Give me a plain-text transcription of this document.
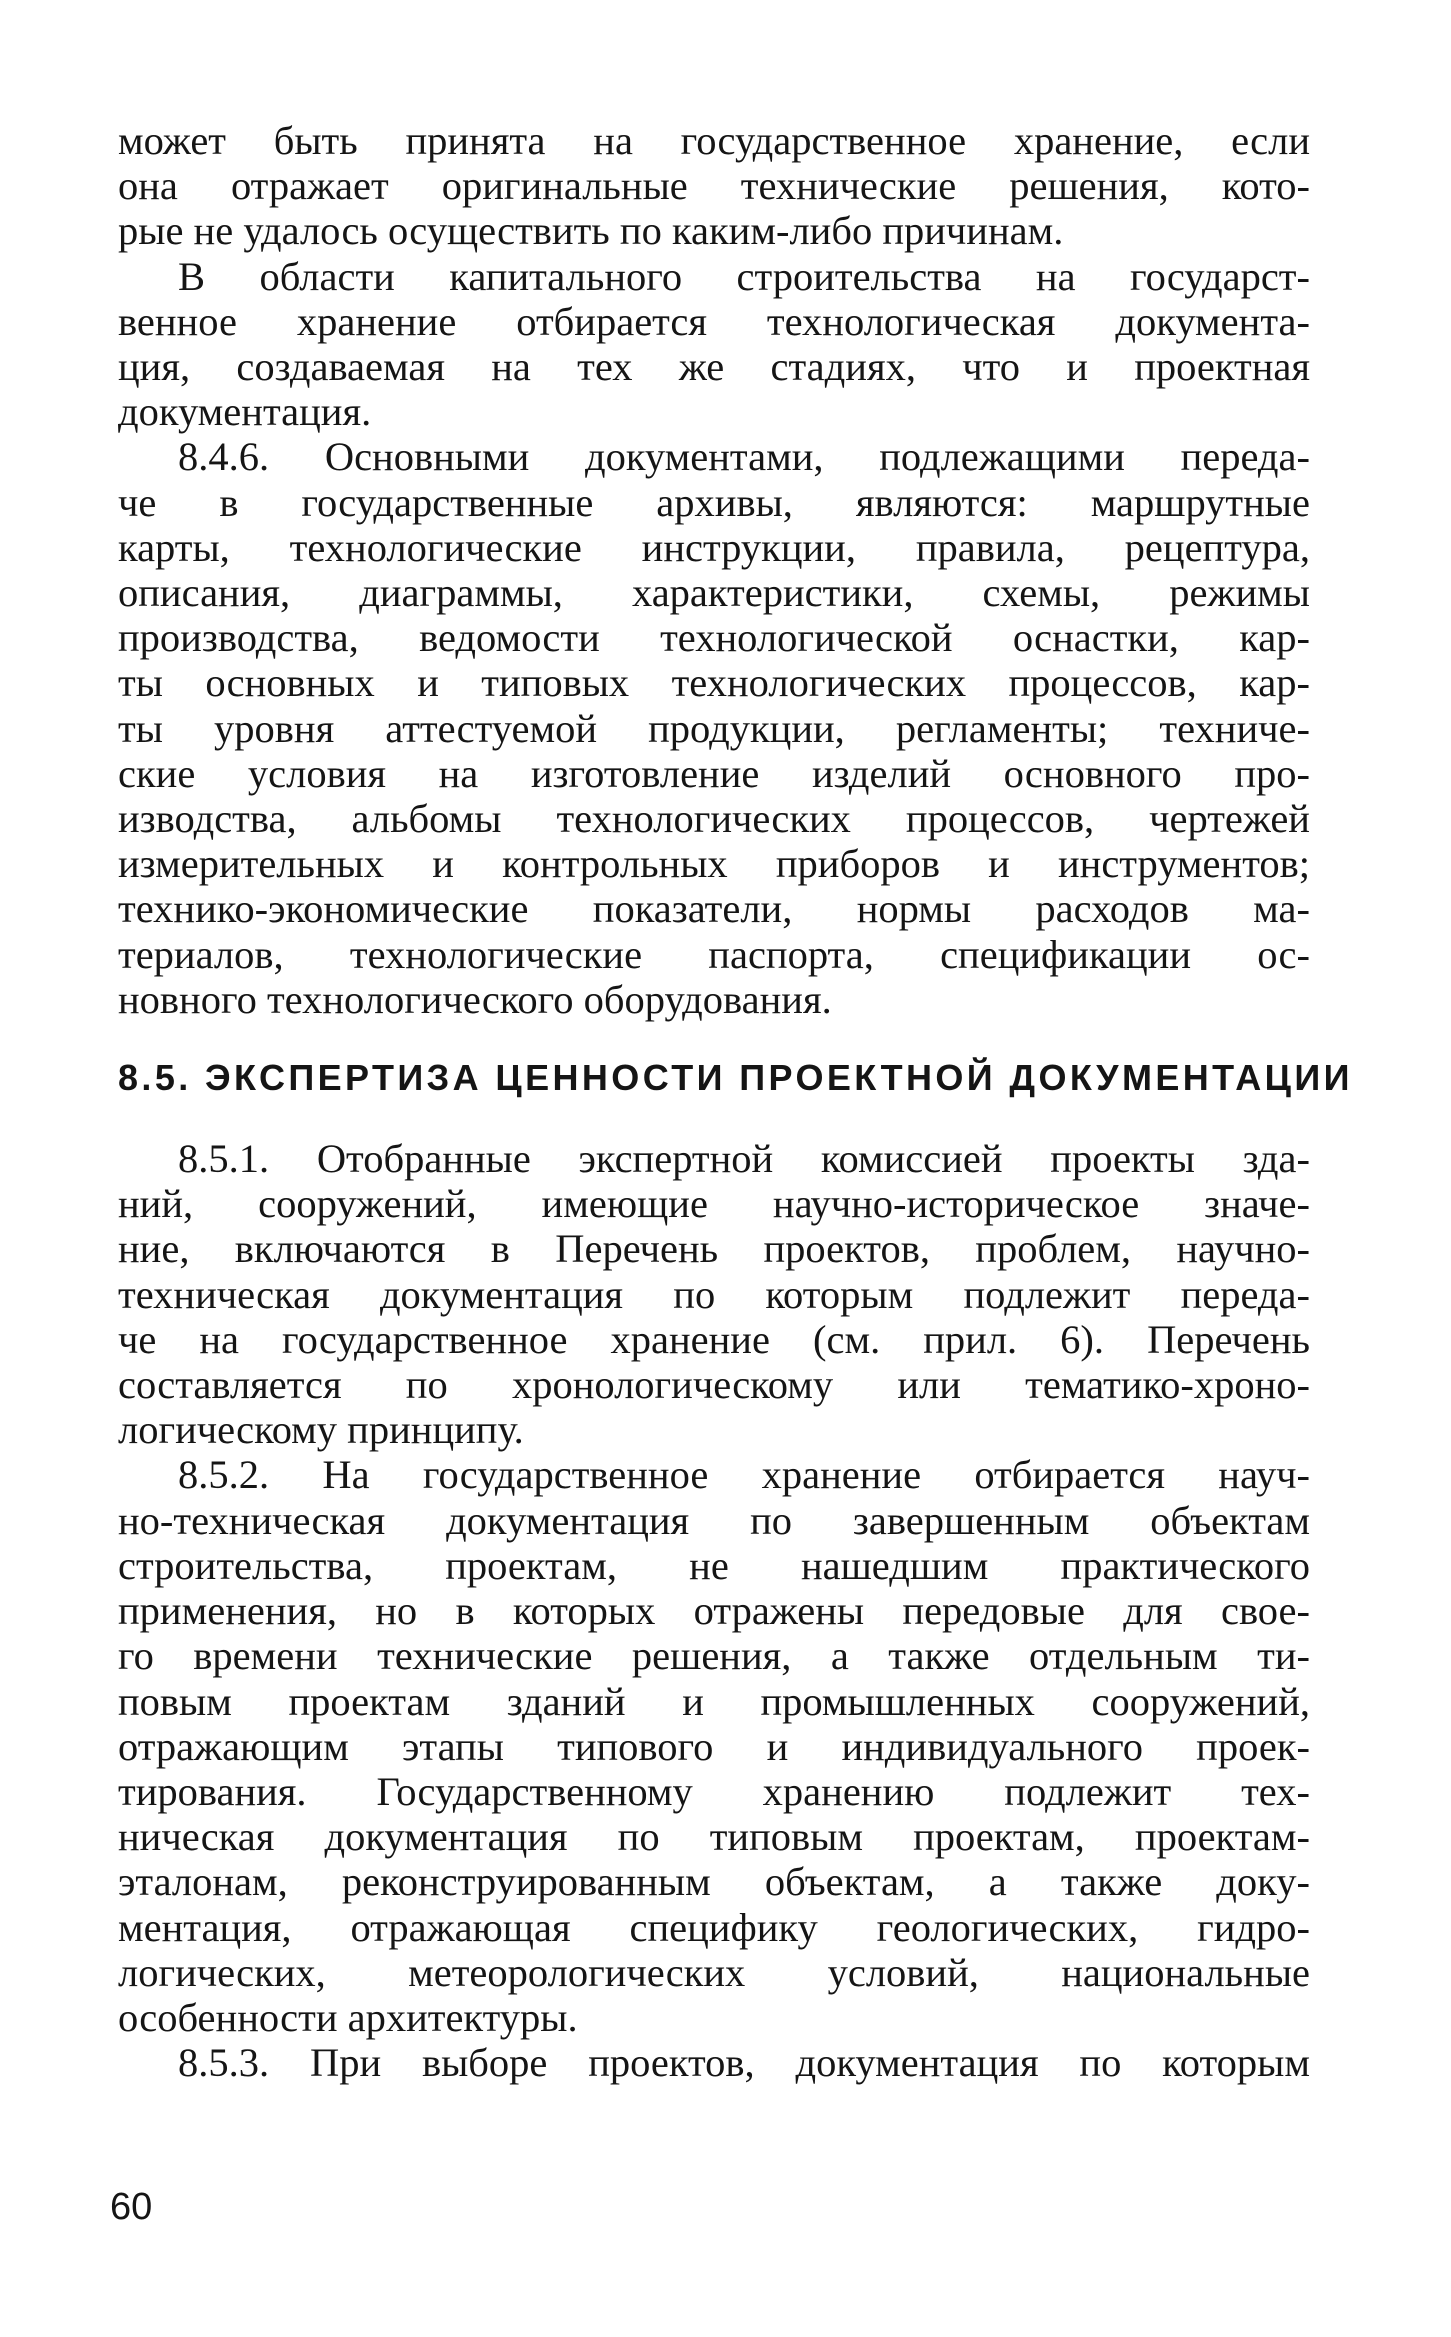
может быть принята на государственное хранение, если
она отражает оригинальные технические решения, кото-
рые не удалось осуществить по каким-либо причинам.
В области капитального строительства на государст-
венное хранение отбирается технологическая документа-
ция, создаваемая на тех же стадиях, что и проектная
документация.
8.4.6. Основными документами, подлежащими переда-
че в государственные архивы, являются: маршрутные
карты, технологические инструкции, правила, рецептура,
описания, диаграммы, характеристики, схемы, режимы
производства, ведомости технологической оснастки, кар-
ты основных и типовых технологических процессов, кар-
ты уровня аттестуемой продукции, регламенты; техниче-
ские условия на изготовление изделий основного про-
изводства, альбомы технологических процессов, чертежей
измерительных и контрольных приборов и инструментов;
технико-экономические показатели, нормы расходов ма-
териалов, технологические паспорта, спецификации ос-
новного технологического оборудования.
8.5. ЭКСПЕРТИЗА ЦЕННОСТИ ПРОЕКТНОЙ ДОКУМЕНТАЦИИ
8.5.1. Отобранные экспертной комиссией проекты зда-
ний, сооружений, имеющие научно-историческое значе-
ние, включаются в Перечень проектов, проблем, научно-
техническая документация по которым подлежит переда-
че на государственное хранение (см. прил. 6). Перечень
составляется по хронологическому или тематико-хроно-
логическому принципу.
8.5.2. На государственное хранение отбирается науч-
но-техническая документация по завершенным объектам
строительства, проектам, не нашедшим практического
применения, но в которых отражены передовые для свое-
го времени технические решения, а также отдельным ти-
повым проектам зданий и промышленных сооружений,
отражающим этапы типового и индивидуального проек-
тирования. Государственному хранению подлежит тех-
ническая документация по типовым проектам, проектам-
эталонам, реконструированным объектам, а также доку-
ментация, отражающая специфику геологических, гидро-
логических, метеорологических условий, национальные
особенности архитектуры.
8.5.3. При выборе проектов, документация по которым
60
